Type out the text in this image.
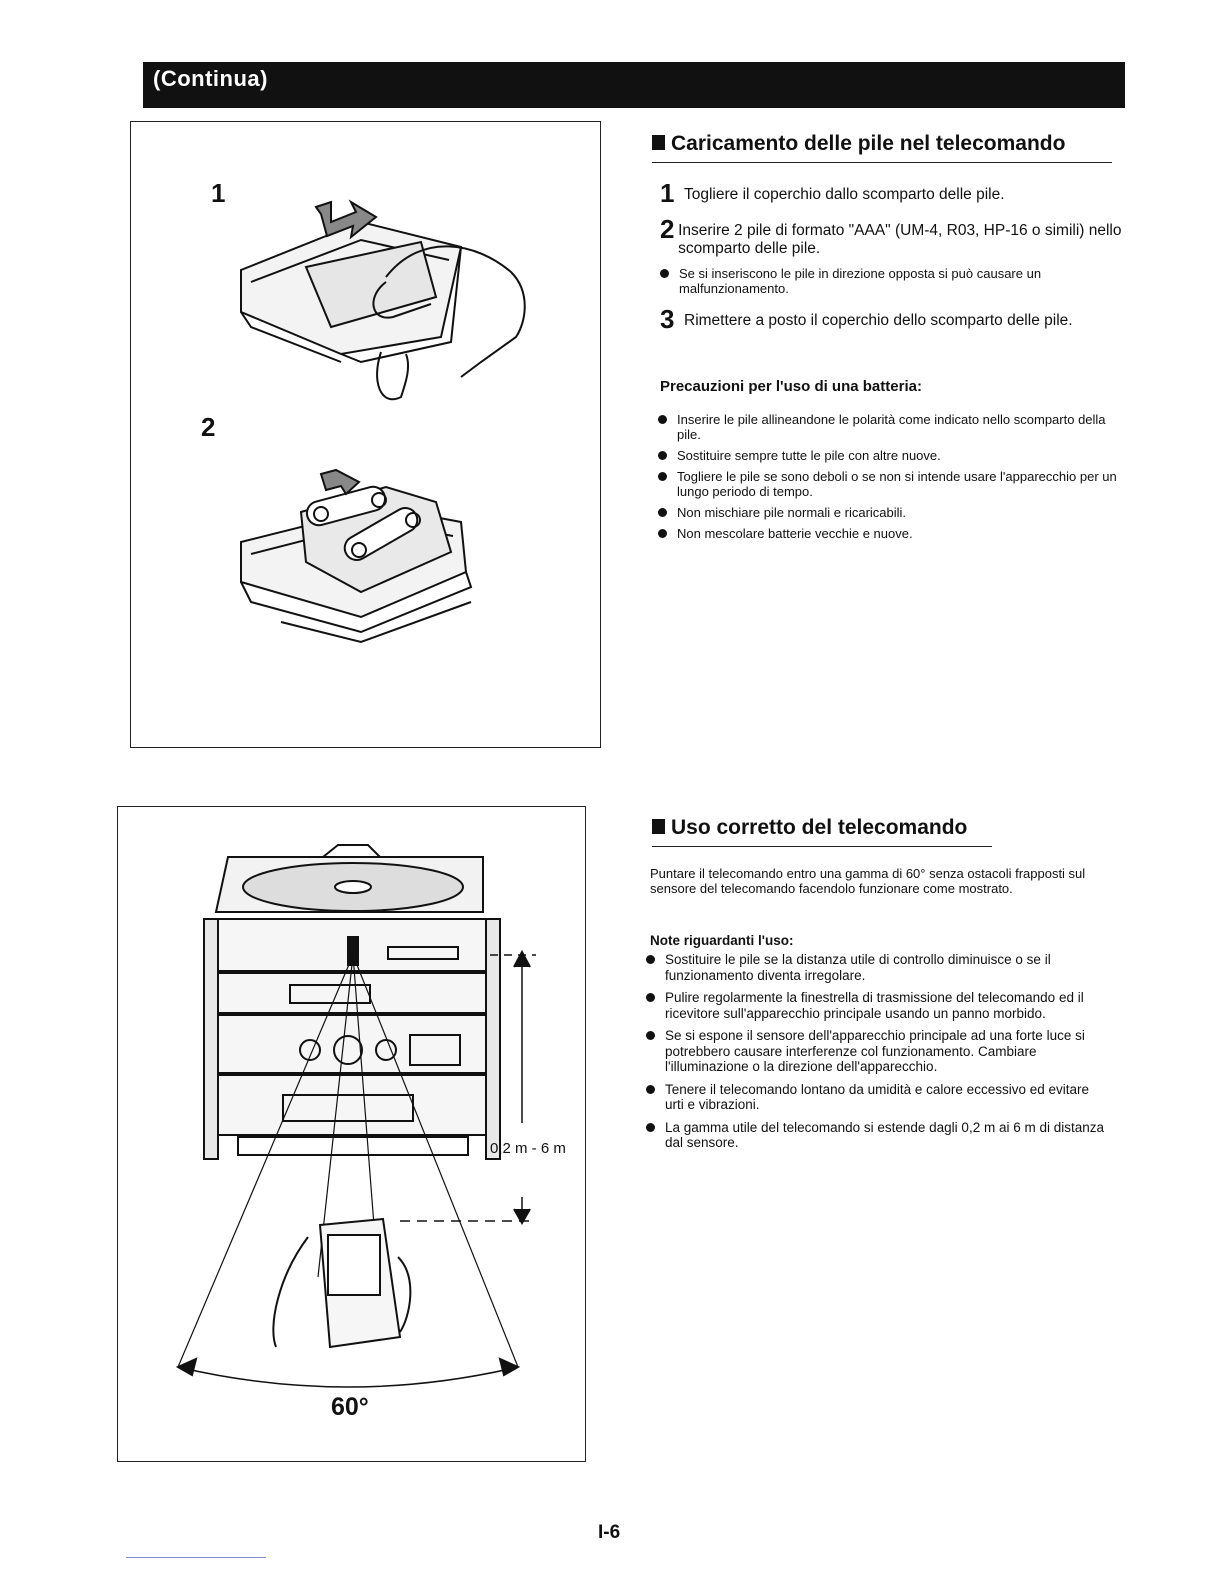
(Continua)
1
2
Caricamento delle pile nel telecomando
1 Togliere il coperchio dallo scomparto delle pile.
2 Inserire 2 pile di formato "AAA" (UM-4, R03, HP-16 o simili) nello scomparto delle pile.
Se si inseriscono le pile in direzione opposta si può causare un malfunzionamento.
3 Rimettere a posto il coperchio dello scomparto delle pile.
Precauzioni per l'uso di una batteria:
Inserire le pile allineandone le polarità come indicato nello scomparto della pile.
Sostituire sempre tutte le pile con altre nuove.
Togliere le pile se sono deboli o se non si intende usare l'apparecchio per un lungo periodo di tempo.
Non mischiare pile normali e ricaricabili.
Non mescolare batterie vecchie e nuove.
0,2 m - 6 m
60°
Uso corretto del telecomando
Puntare il telecomando entro una gamma di 60° senza ostacoli frapposti sul sensore del telecomando facendolo funzionare come mostrato.
Note riguardanti l'uso:
Sostituire le pile se la distanza utile di controllo diminuisce o se il funzionamento diventa irregolare.
Pulire regolarmente la finestrella di trasmissione del telecomando ed il ricevitore sull'apparecchio principale usando un panno morbido.
Se si espone il sensore dell'apparecchio principale ad una forte luce si potrebbero causare interferenze col funzionamento. Cambiare l'illuminazione o la direzione dell'apparecchio.
Tenere il telecomando lontano da umidità e calore eccessivo ed evitare urti e vibrazioni.
La gamma utile del telecomando si estende dagli 0,2 m ai 6 m di distanza dal sensore.
I-6
